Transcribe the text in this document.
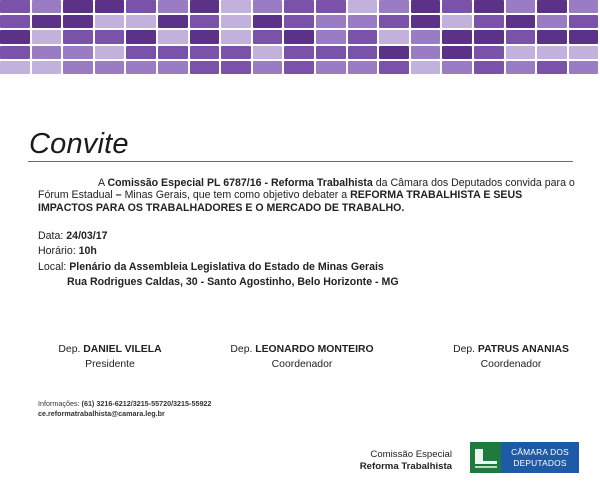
Convite
A Comissão Especial PL 6787/16 - Reforma Trabalhista da Câmara dos Deputados convida para o Fórum Estadual – Minas Gerais, que tem como objetivo debater a REFORMA TRABALHISTA E SEUS IMPACTOS PARA OS TRABALHADORES E O MERCADO DE TRABALHO.
Data: 24/03/17
Horário: 10h
Local: Plenário da Assembleia Legislativa do Estado de Minas Gerais
Rua Rodrigues Caldas, 30 - Santo Agostinho, Belo Horizonte - MG
Dep. DANIEL VILELA
Presidente
Dep. LEONARDO MONTEIRO
Coordenador
Dep. PATRUS ANANIAS
Coordenador
Informações: (61) 3216-6212/3215-55720/3215-55922
ce.reformatrabalhista@camara.leg.br
Comissão Especial
Reforma Trabalhista
CÂMARA DOS
DEPUTADOS
